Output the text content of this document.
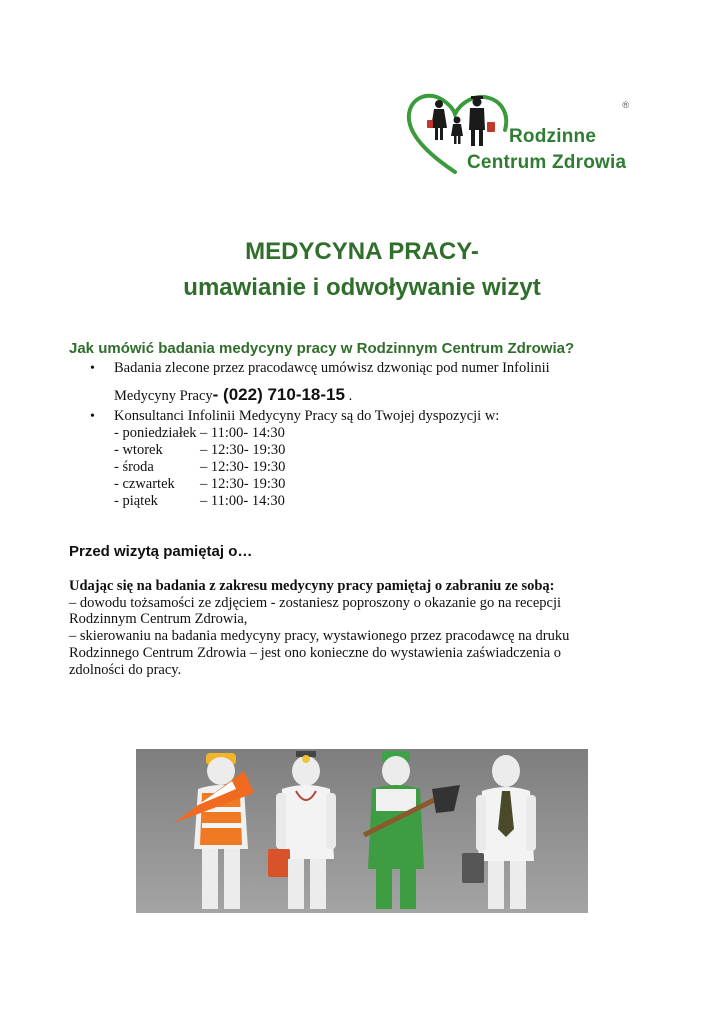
®
Rodzinne
Centrum Zdrowia
MEDYCYNA PRACY-
umawianie i odwoływanie wizyt
Jak umówić badania medycyny pracy w Rodzinnym Centrum Zdrowia?
• Badania zlecone przez pracodawcę umówisz dzwoniąc pod numer Infolinii
Medycyny Pracy- (022) 710-18-15 .
• Konsultanci Infolinii Medycyny Pracy są do Twojej dyspozycji w:
- poniedziałek – 11:00- 14:30
- wtorek	– 12:30- 19:30
- środa	– 12:30- 19:30
- czwartek – 12:30- 19:30
- piątek	– 11:00- 14:30
Przed wizytą pamiętaj o…
Udając się na badania z zakresu medycyny pracy pamiętaj o zabraniu ze sobą:
– dowodu tożsamości ze zdjęciem - zostaniesz poproszony o okazanie go na recepcji
Rodzinnym Centrum Zdrowia,
– skierowaniu na badania medycyny pracy, wystawionego przez pracodawcę na druku
Rodzinnego Centrum Zdrowia – jest ono konieczne do wystawienia zaświadczenia o
zdolności do pracy.
